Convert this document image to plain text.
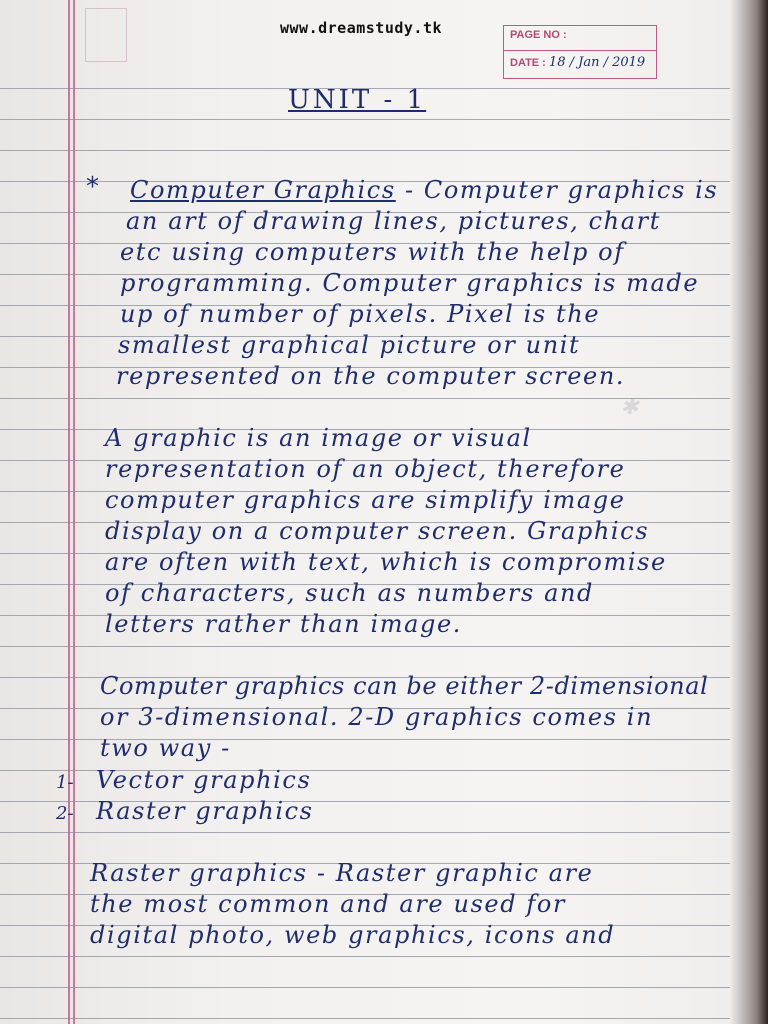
✱
www.dreamstudy.tk	PAGE NO :
DATE : 18 / Jan / 2019
UNIT - 1
* Computer Graphics - Computer graphics is
an art of drawing lines, pictures, chart
etc using computers with the help of
programming. Computer graphics is made
up of number of pixels. Pixel is the
smallest graphical picture or unit
represented on the computer screen.
A graphic is an image or visual
representation of an object, therefore
computer graphics are simplify image
display on a computer screen. Graphics
are often with text, which is compromise
of characters, such as numbers and
letters rather than image.
Computer graphics can be either 2-dimensional
or 3-dimensional. 2-D graphics comes in
two way -
1- Vector graphics
2- Raster graphics
Raster graphics - Raster graphic are
the most common and are used for
digital photo, web graphics, icons and
